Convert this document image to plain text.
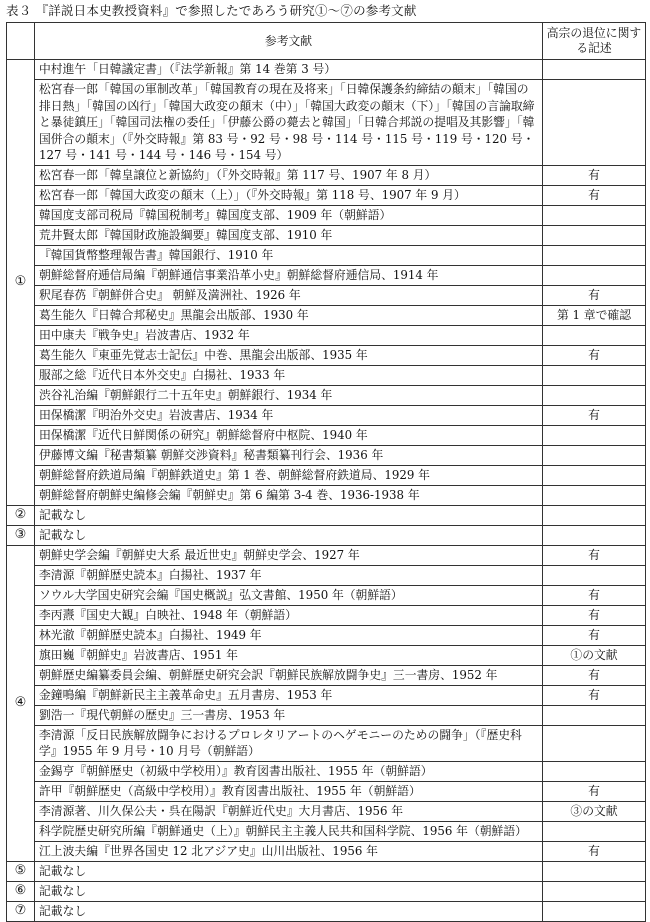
表３ 『詳説日本史教授資料』で参照したであろう研究①～⑦の参考文献
	参考文献	高宗の退位に関する記述
①	中村進午「日韓議定書」（『法学新報』第 14 巻第 3 号）	
	松宮春一郎「韓国の軍制改革」「韓国教育の現在及将来」「日韓保護条約締結の顛末」「韓国の排日熱」「韓国の凶行」「韓国大政変の顛末（中）」「韓国大政変の顛末（下）」「韓国の言論取締と暴徒鎮圧」「韓国司法権の委任」「伊藤公爵の薨去と韓国」「日韓合邦説の提唱及其影響」「韓国併合の顛末」（『外交時報』第 83 号・92 号・98 号・114 号・115 号・119 号・120 号・127 号・141 号・144 号・146 号・154 号）	
	松宮春一郎「韓皇譲位と新協約」（『外交時報』第 117 号、1907 年 8 月）	有
	松宮春一郎「韓国大政変の顛末（上）」（『外交時報』第 118 号、1907 年 9 月）	有
	韓国度支部司税局『韓国税制考』韓国度支部、1909 年（朝鮮語）	
	荒井賢太郎『韓国財政施設綱要』韓国度支部、1910 年	
	『韓国貨幣整理報告書』韓国銀行、1910 年	
	朝鮮総督府逓信局編『朝鮮通信事業沿革小史』朝鮮総督府逓信局、1914 年	
	釈尾春芿『朝鮮併合史』 朝鮮及満洲社、1926 年	有
	葛生能久『日韓合邦秘史』黒龍会出版部、1930 年	第 1 章で確認
	田中康夫『戦争史』岩波書店、1932 年	
	葛生能久『東亜先覚志士記伝』中巻、黒龍会出版部、1935 年	有
	服部之総『近代日本外交史』白揚社、1933 年	
	渋谷礼治編『朝鮮銀行二十五年史』朝鮮銀行、1934 年	
	田保橋潔『明治外交史』岩波書店、1934 年	有
	田保橋潔『近代日鮮関係の研究』朝鮮総督府中枢院、1940 年	
	伊藤博文編『秘書類纂 朝鮮交渉資料』秘書類纂刊行会、1936 年	
	朝鮮総督府鉄道局編『朝鮮鉄道史』第 1 巻、朝鮮総督府鉄道局、1929 年	
	朝鮮総督府朝鮮史編修会編『朝鮮史』第 6 編第 3-4 巻、1936-1938 年	
②	記載なし	
③	記載なし	
④	朝鮮史学会編『朝鮮史大系 最近世史』朝鮮史学会、1927 年	有
	李清源『朝鮮歴史読本』白揚社、1937 年	
	ソウル大学国史研究会編『国史概説』弘文書館、1950 年（朝鮮語）	有
	李丙燾『国史大観』白映社、1948 年（朝鮮語）	有
	林光澈『朝鮮歴史読本』白揚社、1949 年	有
	旗田巍『朝鮮史』岩波書店、1951 年	①の文献
	朝鮮歴史編纂委員会編、朝鮮歴史研究会訳『朝鮮民族解放闘争史』三一書房、1952 年	有
	金鐘鳴編『朝鮮新民主主義革命史』五月書房、1953 年	有
	劉浩一『現代朝鮮の歴史』三一書房、1953 年	
	李清源「反日民族解放闘争におけるプロレタリアートのヘゲモニーのための闘争」（『歴史科学』1955 年 9 月号・10 月号（朝鮮語）	
	金錫亨『朝鮮歴史（初級中学校用）』教育図書出版社、1955 年（朝鮮語）	
	許甲『朝鮮歴史（高級中学校用）』教育図書出版社、1955 年（朝鮮語）	有
	李清源著、川久保公夫・呉在陽訳『朝鮮近代史』大月書店、1956 年	③の文献
	科学院歴史研究所編『朝鮮通史（上）』朝鮮民主主義人民共和国科学院、1956 年（朝鮮語）	
	江上波夫編『世界各国史 12 北アジア史』山川出版社、1956 年	有
⑤	記載なし	
⑥	記載なし	
⑦	記載なし	
